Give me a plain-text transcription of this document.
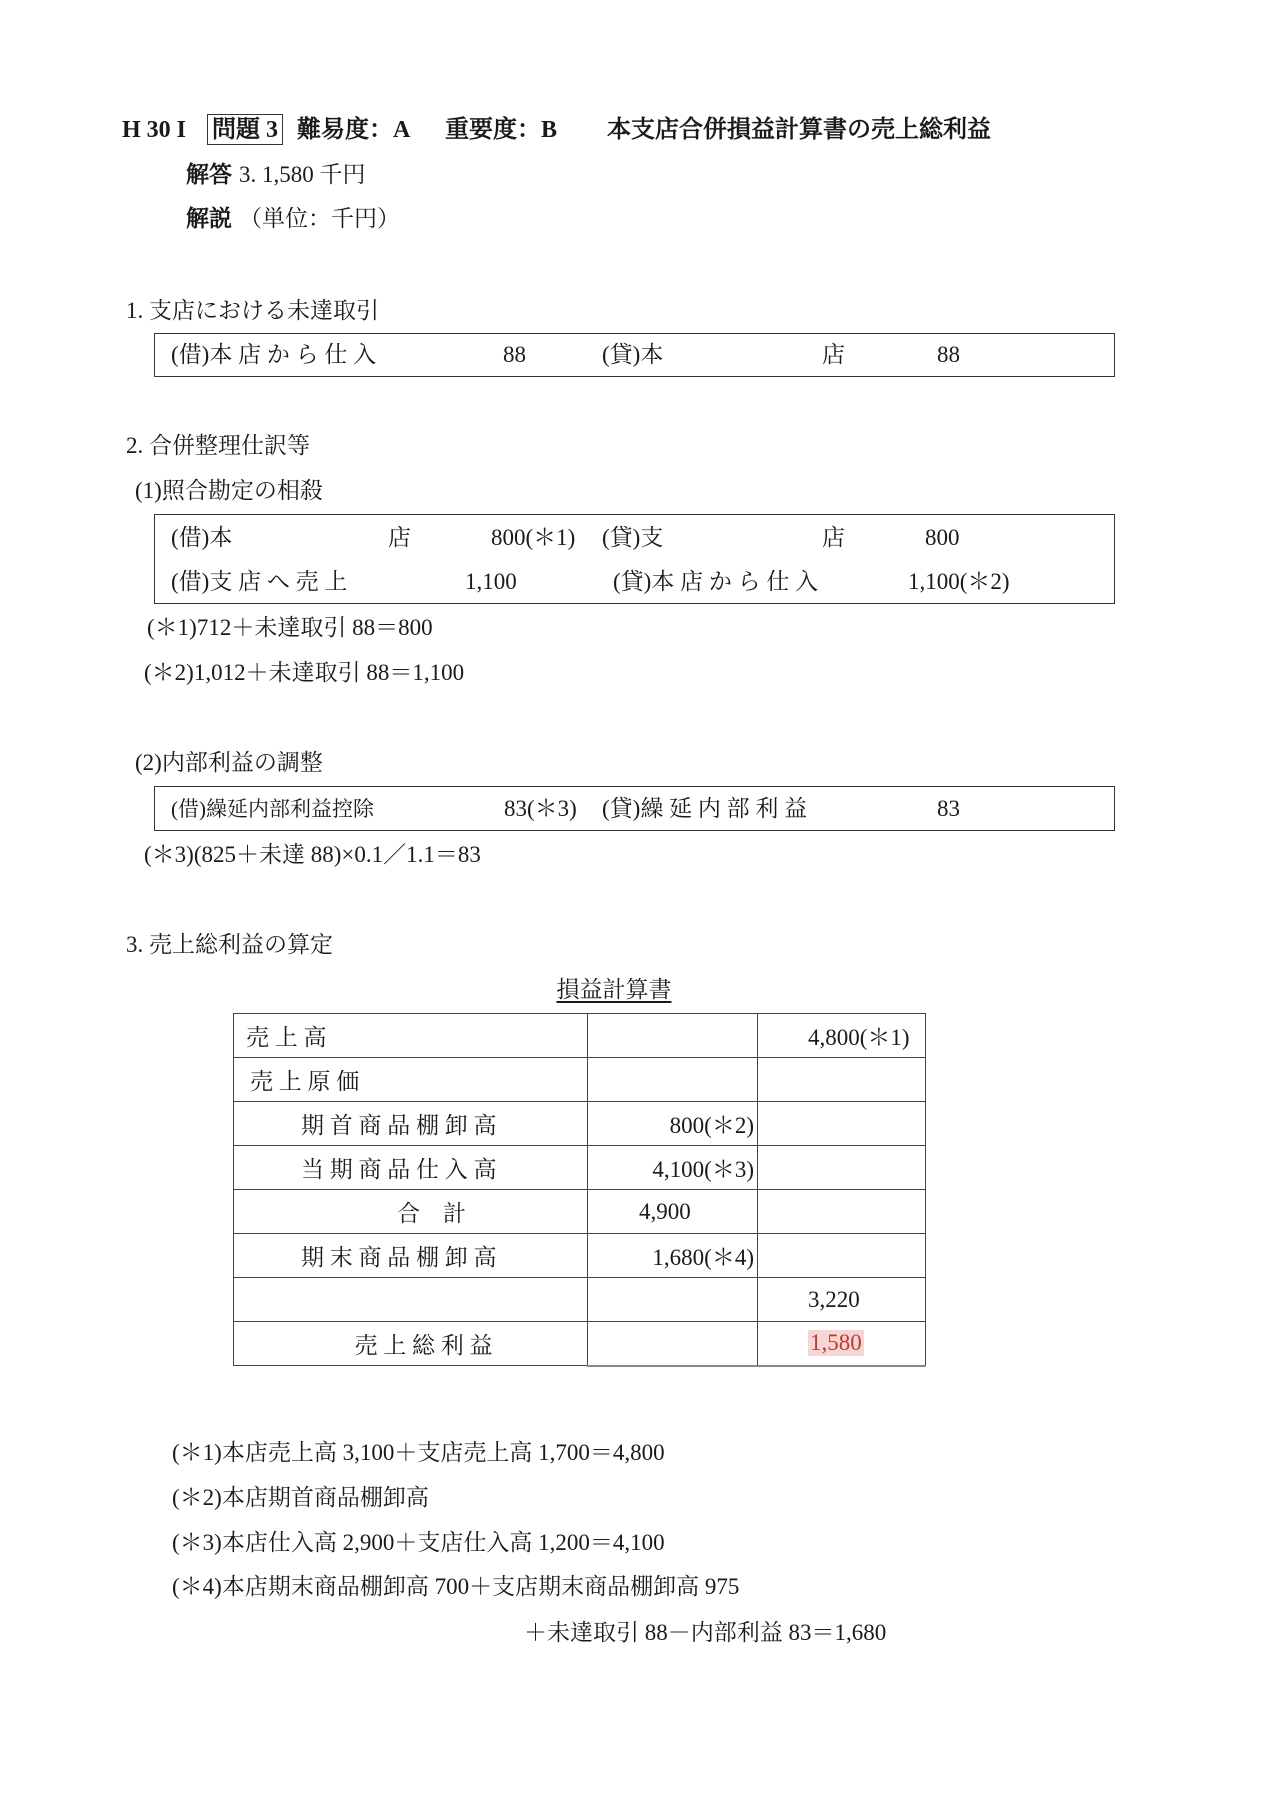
H 30 I 問題 3 難易度：A 重要度：B 本支店合併損益計算書の売上総利益
解答 3. 1,580 千円
解説 （単位：千円）
1. 支店における未達取引
(借)本 店 か ら 仕 入	88	(貸)本	店	88
2. 合併整理仕訳等
(1)照合勘定の相殺
(借)本	店	800(＊1) (貸)支	店	800
(借)支 店 へ 売 上	1,100	(貸)本 店 か ら 仕 入	1,100(＊2)
(＊1)712＋未達取引 88＝800
(＊2)1,012＋未達取引 88＝1,100
(2)内部利益の調整
(借)繰延内部利益控除	83(＊3) (貸)繰 延 内 部 利 益	83
(＊3)(825＋未達 88)×0.1／1.1＝83
3. 売上総利益の算定
損益計算書
売 上 高		4,800(＊1)
売 上 原 価		
期 首 商 品 棚 卸 高	800(＊2)	
当 期 商 品 仕 入 高	4,100(＊3)	
合　計	4,900	
期 末 商 品 棚 卸 高	1,680(＊4)	
		3,220
売 上 総 利 益		1,580
(＊1)本店売上高 3,100＋支店売上高 1,700＝4,800
(＊2)本店期首商品棚卸高
(＊3)本店仕入高 2,900＋支店仕入高 1,200＝4,100
(＊4)本店期末商品棚卸高 700＋支店期末商品棚卸高 975
＋未達取引 88－内部利益 83＝1,680
